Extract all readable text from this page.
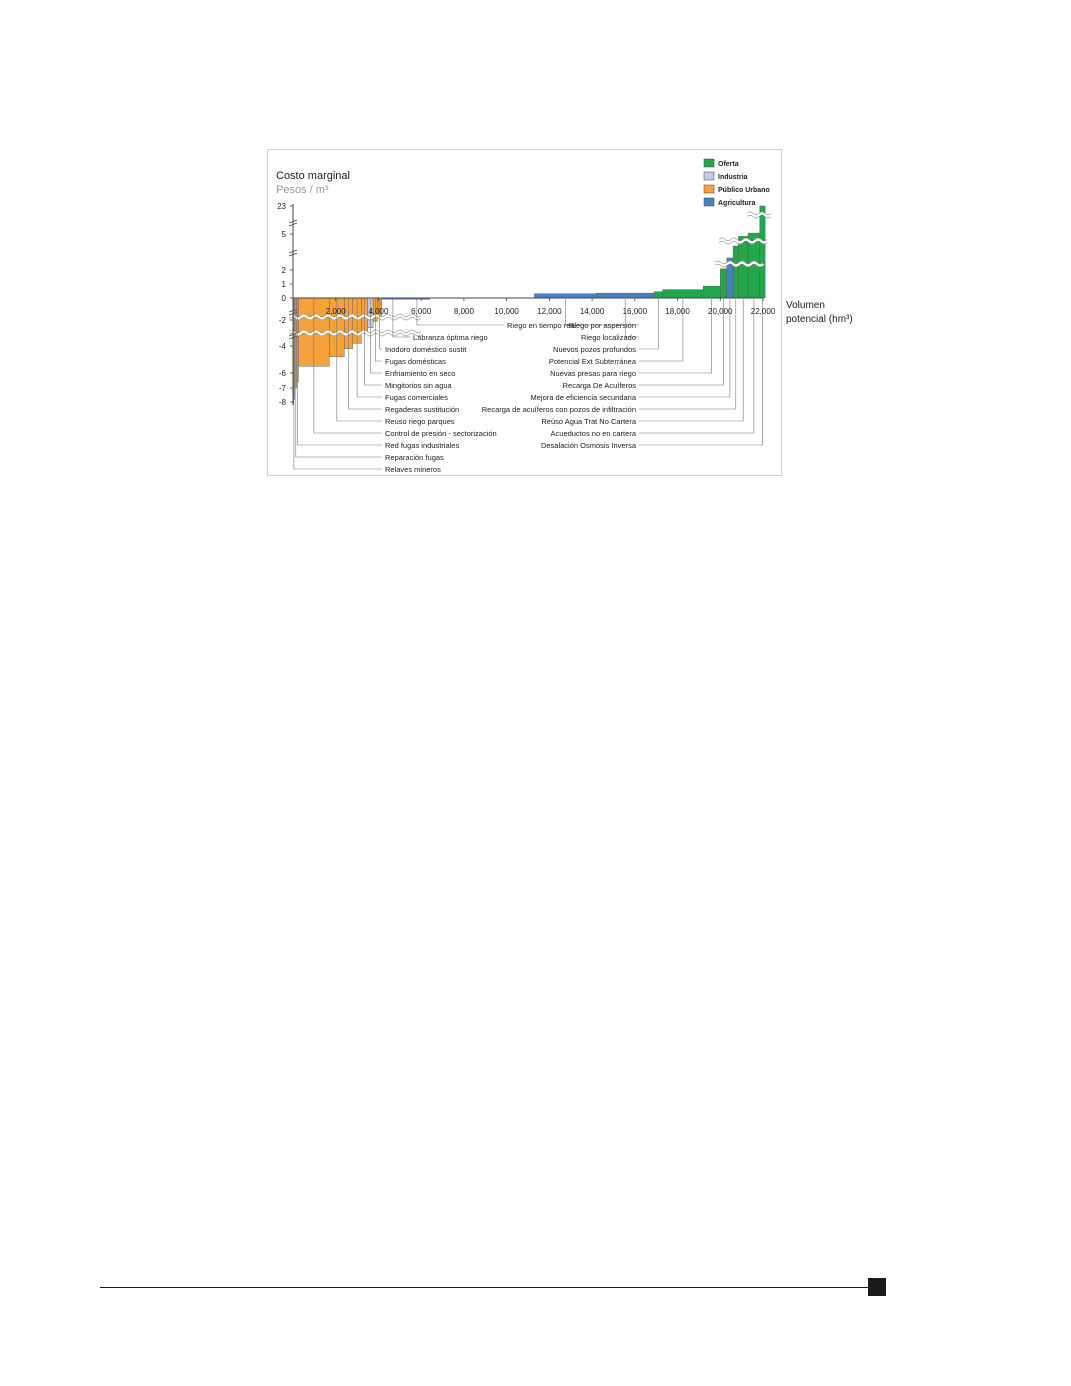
23
5
2
1
0
-2
-4
-6
-7
-8
2,000	4,000	6,000	8,000	10,000 12,000 14,000 16,000 18,000 20,000 22,000
Costo marginal
Pesos / m³
Volumen
potencial (hm³)
Riego en tiempo real
Labranza óptima riego
Inodoro doméstico sustit
Fugas domésticas
Enfriamiento en seco
Mingitorios sin agua
Fugas comerciales
Regaderas sustitución
Reúso riego parques
Control de presión - sectorización
Red fugas industriales
Reparación fugas
Relaves mineros
Riego por aspersión
Riego localizado
Nuevos pozos profundos
Potencial Ext Subterránea
Nuevas presas para riego
Recarga De Acuíferos
Mejora de eficiencia secundaria
Recarga de acuíferos con pozos de infiltración
Reúso Agua Trat No Cartera
Acueductos no en cartera
Desalación Osmosis Inversa
Oferta
Industria
Público Urbano
Agricultura
